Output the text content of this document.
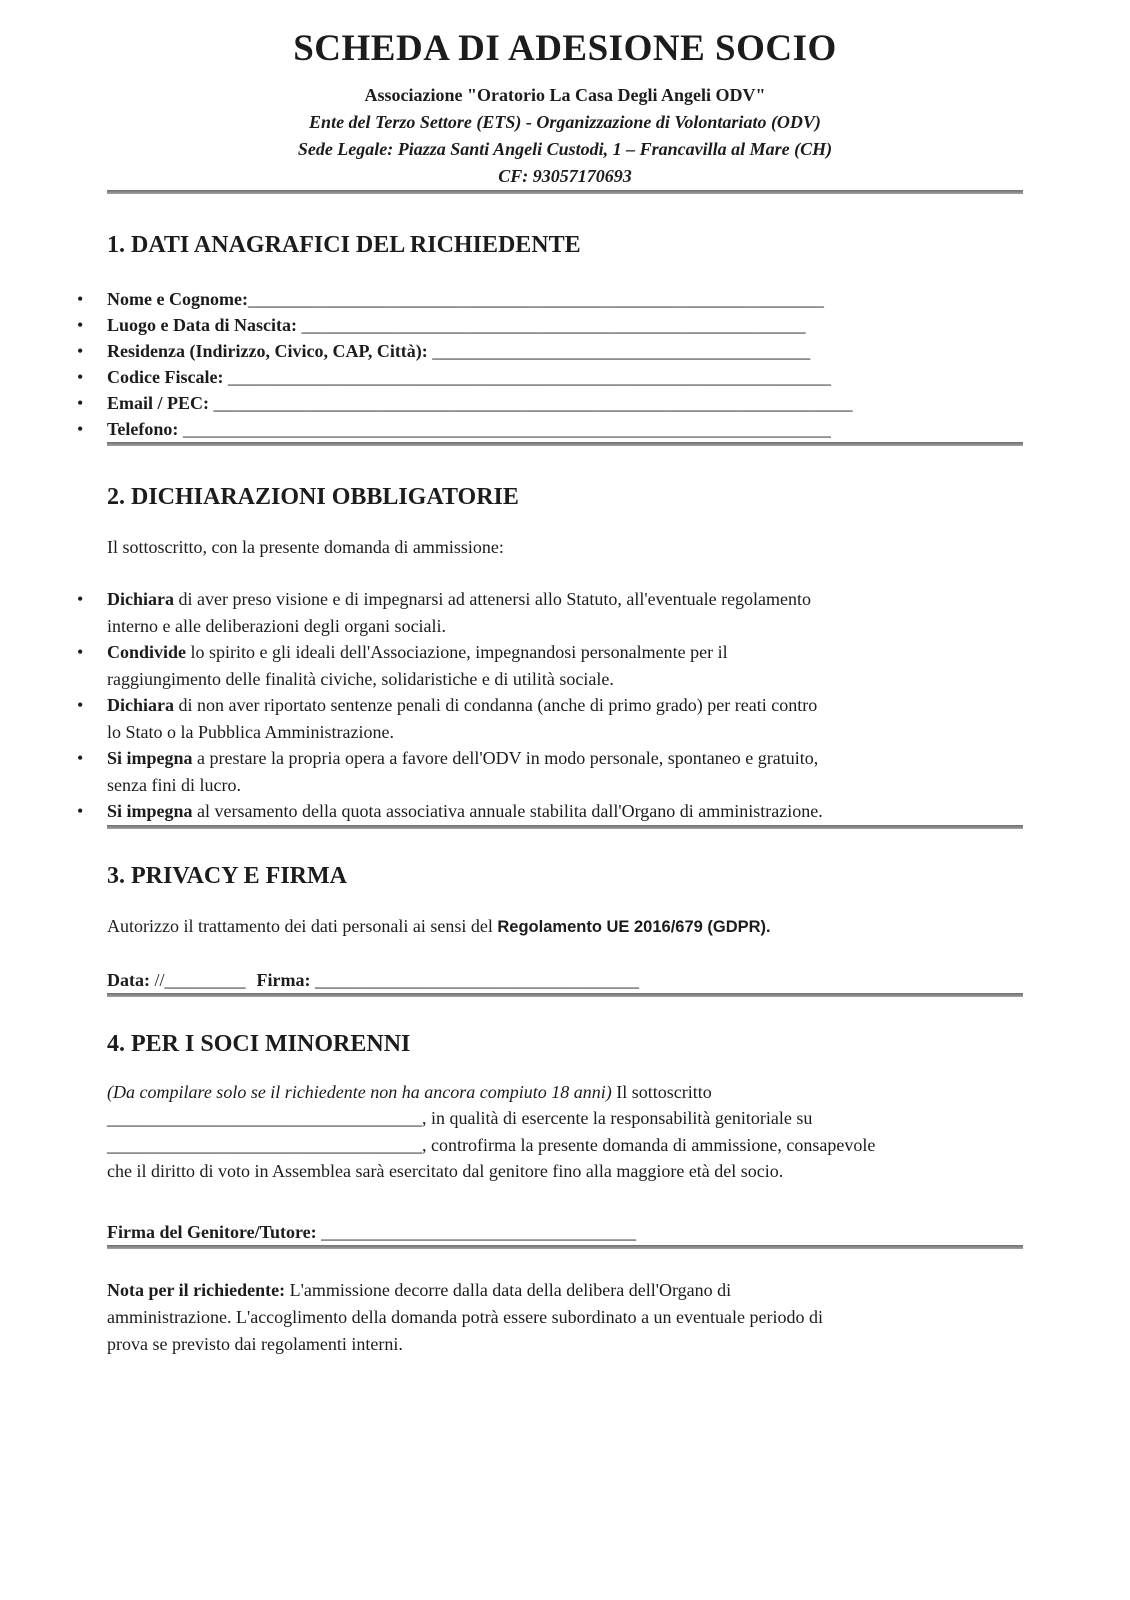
SCHEDA DI ADESIONE SOCIO
Associazione "Oratorio La Casa Degli Angeli ODV"
Ente del Terzo Settore (ETS) - Organizzazione di Volontariato (ODV)
Sede Legale: Piazza Santi Angeli Custodi, 1 – Francavilla al Mare (CH)
CF: 93057170693
1. DATI ANAGRAFICI DEL RICHIEDENTE
• Nome e Cognome:________________________________________________________________
• Luogo e Data di Nascita: ________________________________________________________
• Residenza (Indirizzo, Civico, CAP, Città): __________________________________________
• Codice Fiscale: ___________________________________________________________________
• Email / PEC: _______________________________________________________________________
• Telefono: ________________________________________________________________________
2. DICHIARAZIONI OBBLIGATORIE

Il sottoscritto, con la presente domanda di ammissione:

• Dichiara di aver preso visione e di impegnarsi ad attenersi allo Statuto, all'eventuale regolamento
interno e alle deliberazioni degli organi sociali.
• Condivide lo spirito e gli ideali dell'Associazione, impegnandosi personalmente per il
raggiungimento delle finalità civiche, solidaristiche e di utilità sociale.
• Dichiara di non aver riportato sentenze penali di condanna (anche di primo grado) per reati contro
lo Stato o la Pubblica Amministrazione.
• Si impegna a prestare la propria opera a favore dell'ODV in modo personale, spontaneo e gratuito,
senza fini di lucro.
• Si impegna al versamento della quota associativa annuale stabilita dall'Organo di amministrazione.
3. PRIVACY E FIRMA

Autorizzo il trattamento dei dati personali ai sensi del Regolamento UE 2016/679 (GDPR).

Data: //_________ Firma: ____________________________________

4. PER I SOCI MINORENNI

(Da compilare solo se il richiedente non ha ancora compiuto 18 anni) Il sottoscritto
___________________________________, in qualità di esercente la responsabilità genitoriale su
___________________________________, controfirma la presente domanda di ammissione, consapevole
che il diritto di voto in Assemblea sarà esercitato dal genitore fino alla maggiore età del socio.

Firma del Genitore/Tutore: ___________________________________

Nota per il richiedente: L'ammissione decorre dalla data della delibera dell'Organo di
amministrazione. L'accoglimento della domanda potrà essere subordinato a un eventuale periodo di
prova se previsto dai regolamenti interni.
